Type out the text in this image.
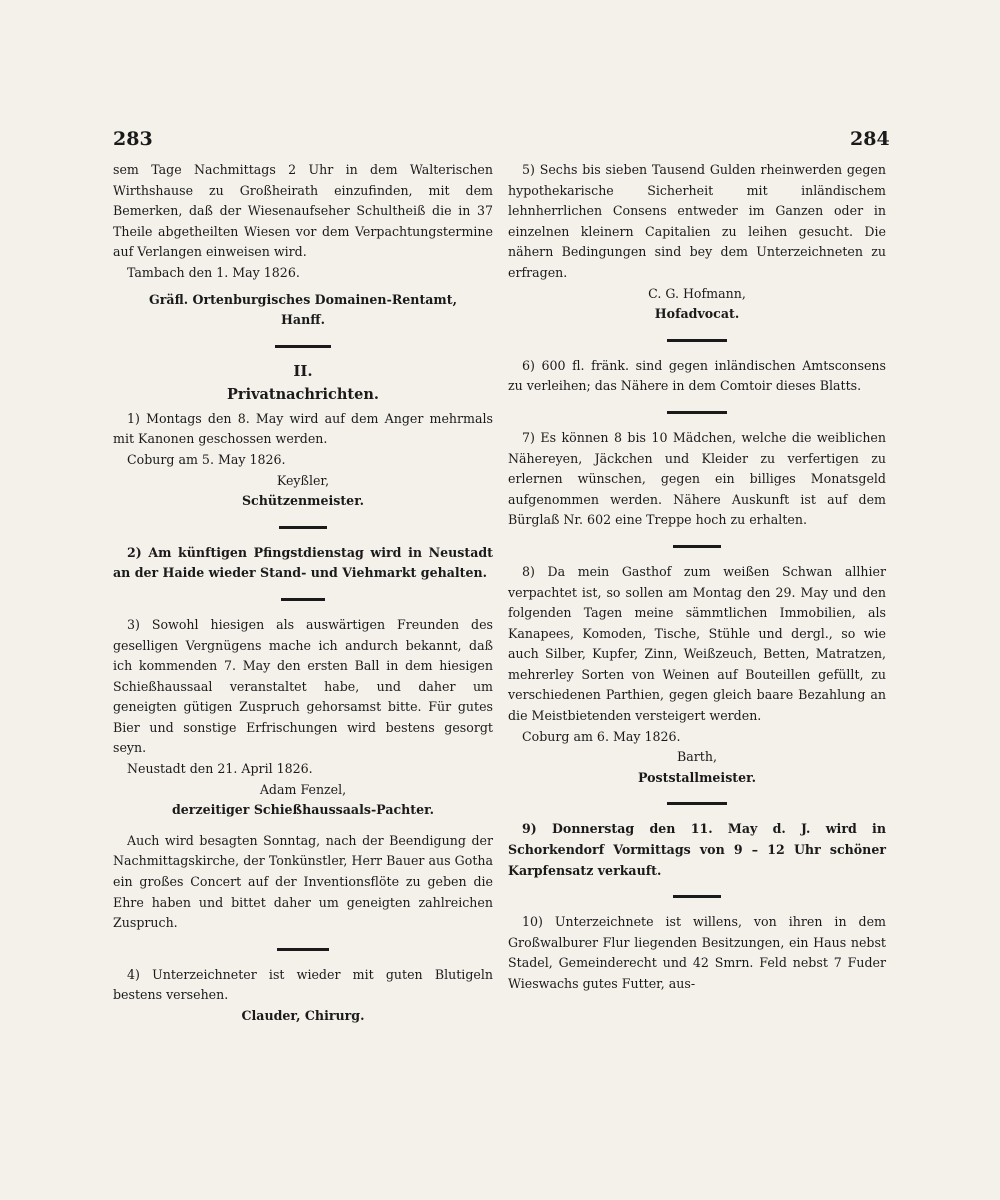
283	284

sem Tage Nachmittags 2 Uhr in dem Walterischen Wirthshause zu Großheirath einzufinden, mit dem Bemerken, daß der Wiesenaufseher Schultheiß die in 37 Theile abgetheilten Wiesen vor dem Verpachtungstermine auf Verlangen einweisen wird.

Tambach den 1. May 1826.

Gräfl. Ortenburgisches Domainen-Rentamt,

Hanff.

II.
Privatnachrichten.

1) Montags den 8. May wird auf dem Anger mehrmals mit Kanonen geschossen werden.

Coburg am 5. May 1826.

Keyßler,

Schützenmeister.

2) Am künftigen Pfingstdienstag wird in Neustadt an der Haide wieder Stand- und Viehmarkt gehalten.

3) Sowohl hiesigen als auswärtigen Freunden des geselligen Vergnügens mache ich andurch bekannt, daß ich kommenden 7. May den ersten Ball in dem hiesigen Schießhaussaal veranstaltet habe, und daher um geneigten gütigen Zuspruch gehorsamst bitte. Für gutes Bier und sonstige Erfrischungen wird bestens gesorgt seyn.

Neustadt den 21. April 1826.

Adam Fenzel,

derzeitiger Schießhaussaals-Pachter.

Auch wird besagten Sonntag, nach der Beendigung der Nachmittagskirche, der Tonkünstler, Herr Bauer aus Gotha ein großes Concert auf der Inventionsflöte zu geben die Ehre haben und bittet daher um geneigten zahlreichen Zuspruch.

4) Unterzeichneter ist wieder mit guten Blutigeln bestens versehen.

Clauder, Chirurg.

5) Sechs bis sieben Tausend Gulden rheinwerden gegen hypothekarische Sicherheit mit inländischem lehnherrlichen Consens entweder im Ganzen oder in einzelnen kleinern Capitalien zu leihen gesucht. Die nähern Bedingungen sind bey dem Unterzeichneten zu erfragen.

C. G. Hofmann,

Hofadvocat.

6) 600 fl. fränk. sind gegen inländischen Amtsconsens zu verleihen; das Nähere in dem Comtoir dieses Blatts.

7) Es können 8 bis 10 Mädchen, welche die weiblichen Nähereyen, Jäckchen und Kleider zu verfertigen zu erlernen wünschen, gegen ein billiges Monatsgeld aufgenommen werden. Nähere Auskunft ist auf dem Bürglaß Nr. 602 eine Treppe hoch zu erhalten.

8) Da mein Gasthof zum weißen Schwan allhier verpachtet ist, so sollen am Montag den 29. May und den folgenden Tagen meine sämmtlichen Immobilien, als Kanapees, Komoden, Tische, Stühle und dergl., so wie auch Silber, Kupfer, Zinn, Weißzeuch, Betten, Matratzen, mehrerley Sorten von Weinen auf Bouteillen gefüllt, zu verschiedenen Parthien, gegen gleich baare Bezahlung an die Meistbietenden versteigert werden.

Coburg am 6. May 1826.

Barth,

Poststallmeister.

9) Donnerstag den 11. May d. J. wird in Schorkendorf Vormittags von 9 – 12 Uhr schöner Karpfensatz verkauft.

10) Unterzeichnete ist willens, von ihren in dem Großwalburer Flur liegenden Besitzungen, ein Haus nebst Stadel, Gemeinderecht und 42 Smrn. Feld nebst 7 Fuder Wieswachs gutes Futter, aus-
